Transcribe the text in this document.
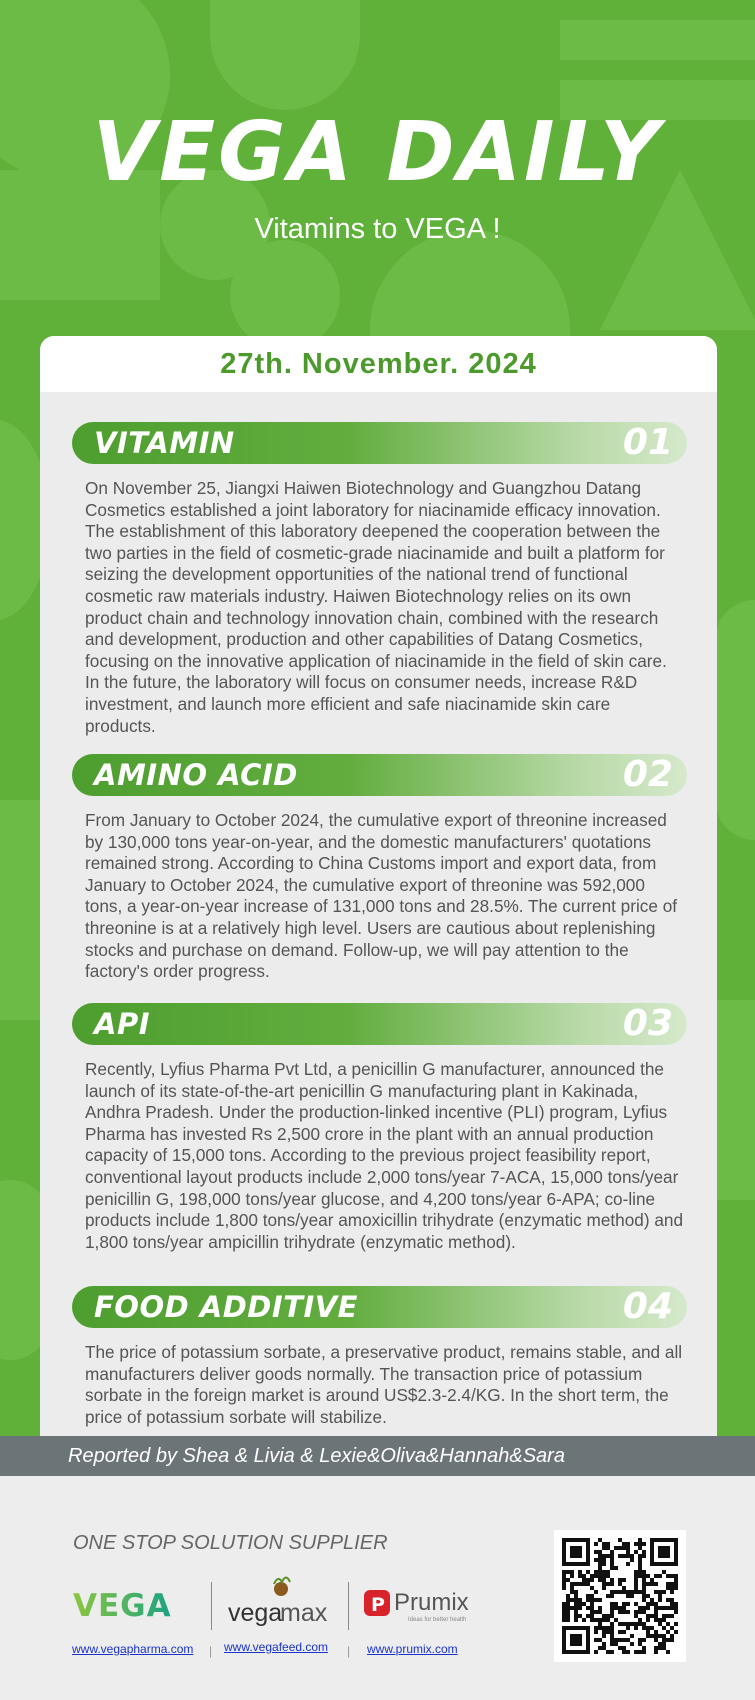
VEGA DAILY
Vitamins to VEGA !
27th. November. 2024
VITAMIN	01
On November 25, Jiangxi Haiwen Biotechnology and Guangzhou Datang Cosmetics established a joint laboratory for niacinamide efficacy innovation. The establishment of this laboratory deepened the cooperation between the two parties in the field of cosmetic-grade niacinamide and built a platform for seizing the development opportunities of the national trend of functional cosmetic raw materials industry. Haiwen Biotechnology relies on its own product chain and technology innovation chain, combined with the research and development, production and other capabilities of Datang Cosmetics, focusing on the innovative application of niacinamide in the field of skin care. In the future, the laboratory will focus on consumer needs, increase R&D investment, and launch more efficient and safe niacinamide skin care products.
AMINO ACID	02
From January to October 2024, the cumulative export of threonine increased by 130,000 tons year-on-year, and the domestic manufacturers' quotations remained strong. According to China Customs import and export data, from January to October 2024, the cumulative export of threonine was 592,000 tons, a year-on-year increase of 131,000 tons and 28.5%. The current price of threonine is at a relatively high level. Users are cautious about replenishing stocks and purchase on demand. Follow-up, we will pay attention to the factory's order progress.
API	03
Recently, Lyfius Pharma Pvt Ltd, a penicillin G manufacturer, announced the launch of its state-of-the-art penicillin G manufacturing plant in Kakinada, Andhra Pradesh. Under the production-linked incentive (PLI) program, Lyfius Pharma has invested Rs 2,500 crore in the plant with an annual production capacity of 15,000 tons. According to the previous project feasibility report, conventional layout products include 2,000 tons/year 7-ACA, 15,000 tons/year penicillin G, 198,000 tons/year glucose, and 4,200 tons/year 6-APA; co-line products include 1,800 tons/year amoxicillin trihydrate (enzymatic method) and 1,800 tons/year ampicillin trihydrate (enzymatic method).
FOOD ADDITIVE	04
The price of potassium sorbate, a preservative product, remains stable, and all manufacturers deliver goods normally. The transaction price of potassium sorbate in the foreign market is around US$2.3-2.4/KG. In the short term, the price of potassium sorbate will stabilize.
Reported by Shea & Livia & Lexie&Oliva&Hannah&Sara
ONE STOP SOLUTION SUPPLIER
VEGA vega
max P Prumix
Ideas for better health
www.vegapharma.com | www.vegafeed.com | www.prumix.com
